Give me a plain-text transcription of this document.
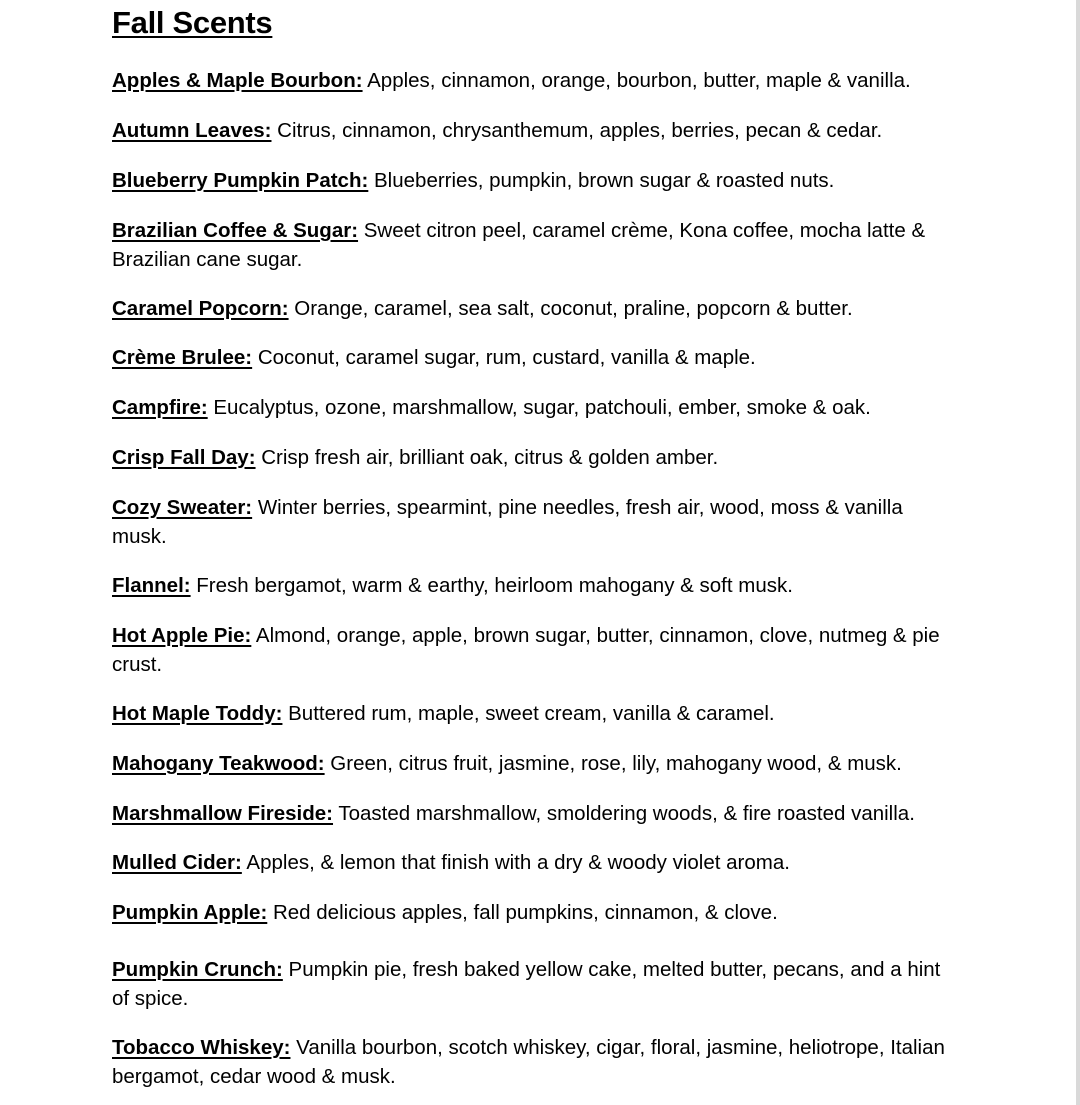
Fall Scents

Apples & Maple Bourbon: Apples, cinnamon, orange, bourbon, butter, maple & vanilla.

Autumn Leaves: Citrus, cinnamon, chrysanthemum, apples, berries, pecan & cedar.

Blueberry Pumpkin Patch: Blueberries, pumpkin, brown sugar & roasted nuts.

Brazilian Coffee & Sugar: Sweet citron peel, caramel crème, Kona coffee, mocha latte & Brazilian cane sugar.

Caramel Popcorn: Orange, caramel, sea salt, coconut, praline, popcorn & butter.

Crème Brulee: Coconut, caramel sugar, rum, custard, vanilla & maple.

Campfire: Eucalyptus, ozone, marshmallow, sugar, patchouli, ember, smoke & oak.

Crisp Fall Day: Crisp fresh air, brilliant oak, citrus & golden amber.

Cozy Sweater: Winter berries, spearmint, pine needles, fresh air, wood, moss & vanilla musk.

Flannel: Fresh bergamot, warm & earthy, heirloom mahogany & soft musk.

Hot Apple Pie: Almond, orange, apple, brown sugar, butter, cinnamon, clove, nutmeg & pie crust.

Hot Maple Toddy: Buttered rum, maple, sweet cream, vanilla & caramel.

Mahogany Teakwood: Green, citrus fruit, jasmine, rose, lily, mahogany wood, & musk.

Marshmallow Fireside: Toasted marshmallow, smoldering woods, & fire roasted vanilla.

Mulled Cider: Apples, & lemon that finish with a dry & woody violet aroma.

Pumpkin Apple: Red delicious apples, fall pumpkins, cinnamon, & clove.

Pumpkin Crunch: Pumpkin pie, fresh baked yellow cake, melted butter, pecans, and a hint of spice.

Tobacco Whiskey: Vanilla bourbon, scotch whiskey, cigar, floral, jasmine, heliotrope, Italian bergamot, cedar wood & musk.
